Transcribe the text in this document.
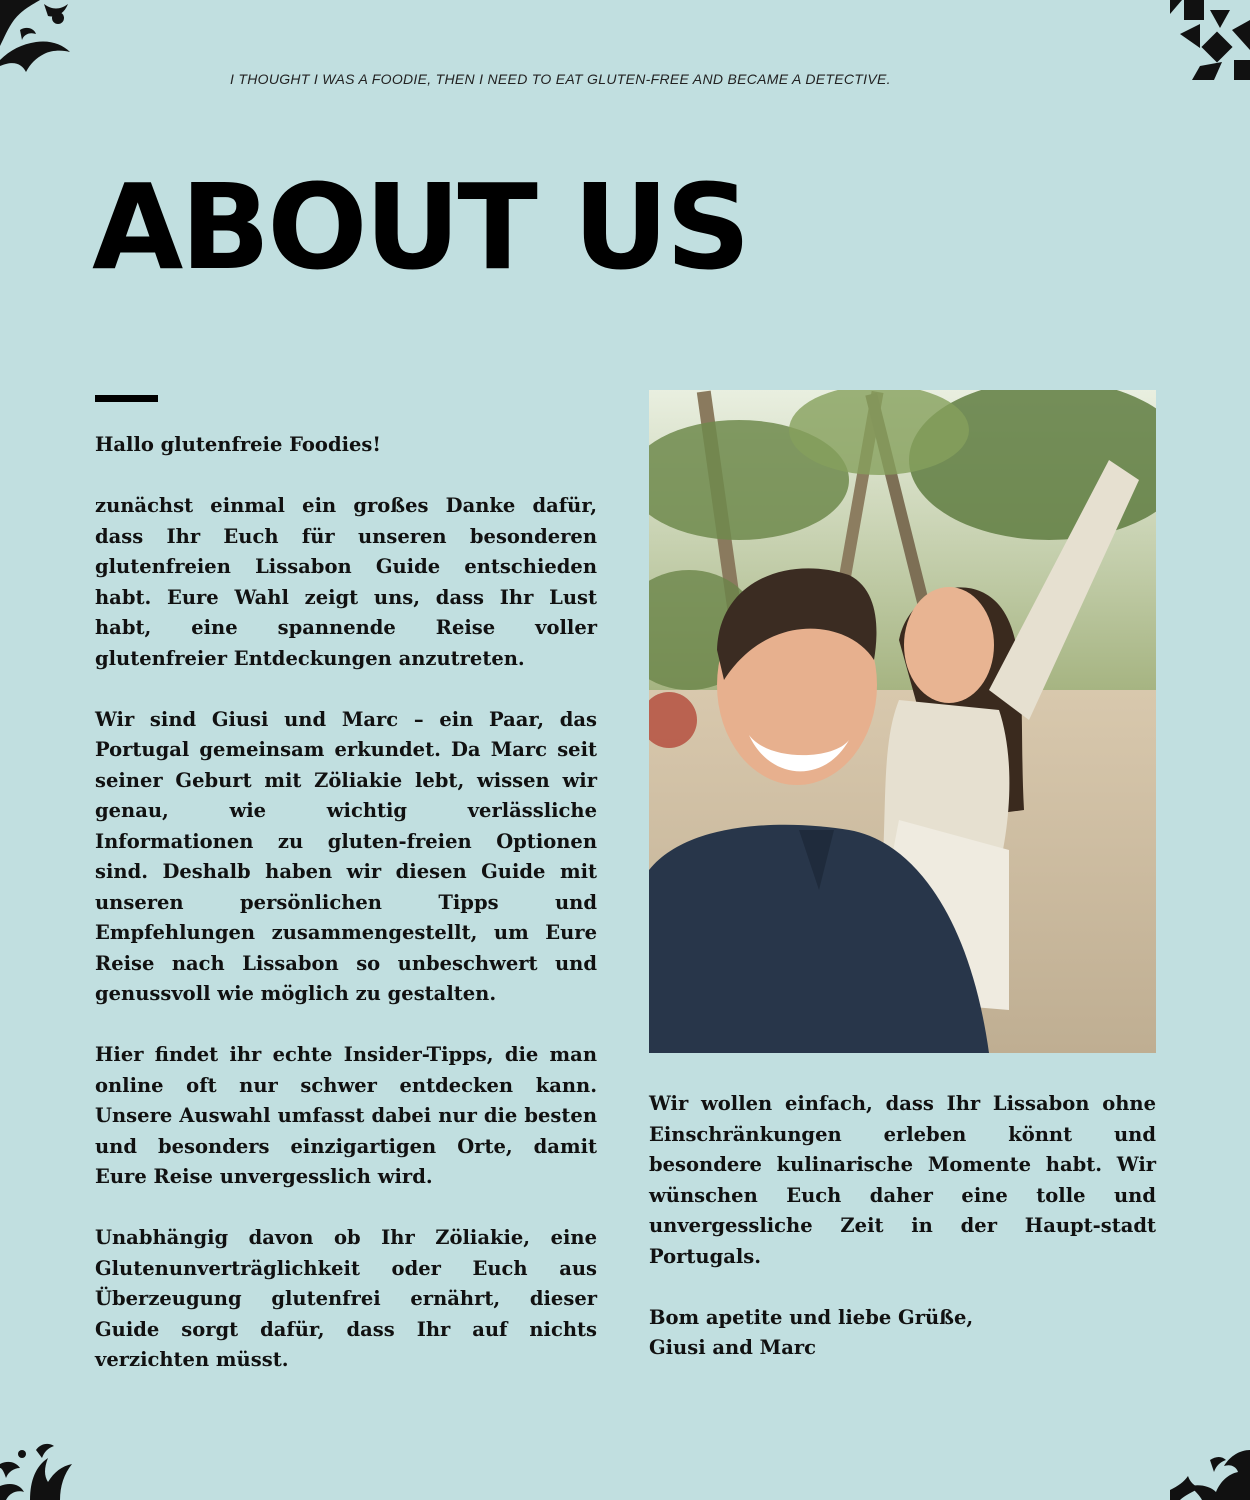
I THOUGHT I WAS A FOODIE, THEN I NEED TO EAT GLUTEN-FREE AND BECAME A DETECTIVE.
ABOUT US

Hallo glutenfreie Foodies!

zunächst einmal ein großes Danke dafür, dass Ihr Euch für unseren besonderen glutenfreien Lissabon Guide entschieden habt. Eure Wahl zeigt uns, dass Ihr Lust habt, eine spannende Reise voller glutenfreier Entdeckungen anzutreten.

Wir sind Giusi und Marc – ein Paar, das Portugal gemeinsam erkundet. Da Marc seit seiner Geburt mit Zöliakie lebt, wissen wir genau, wie wichtig verlässliche Informationen zu gluten-freien Optionen sind. Deshalb haben wir diesen Guide mit unseren persönlichen Tipps und Empfehlungen zusammengestellt, um Eure Reise nach Lissabon so unbeschwert und genussvoll wie möglich zu gestalten.

Hier findet ihr echte Insider-Tipps, die man online oft nur schwer entdecken kann. Unsere Auswahl umfasst dabei nur die besten und besonders einzigartigen Orte, damit Eure Reise unvergesslich wird.

Unabhängig davon ob Ihr Zöliakie, eine Glutenunverträglichkeit oder Euch aus Überzeugung glutenfrei ernährt, dieser Guide sorgt dafür, dass Ihr auf nichts verzichten müsst.

Wir wollen einfach, dass Ihr Lissabon ohne Einschränkungen erleben könnt und besondere kulinarische Momente habt. Wir wünschen Euch daher eine tolle und unvergessliche Zeit in der Haupt-stadt Portugals.

Bom apetite und liebe Grüße,
Giusi and Marc
